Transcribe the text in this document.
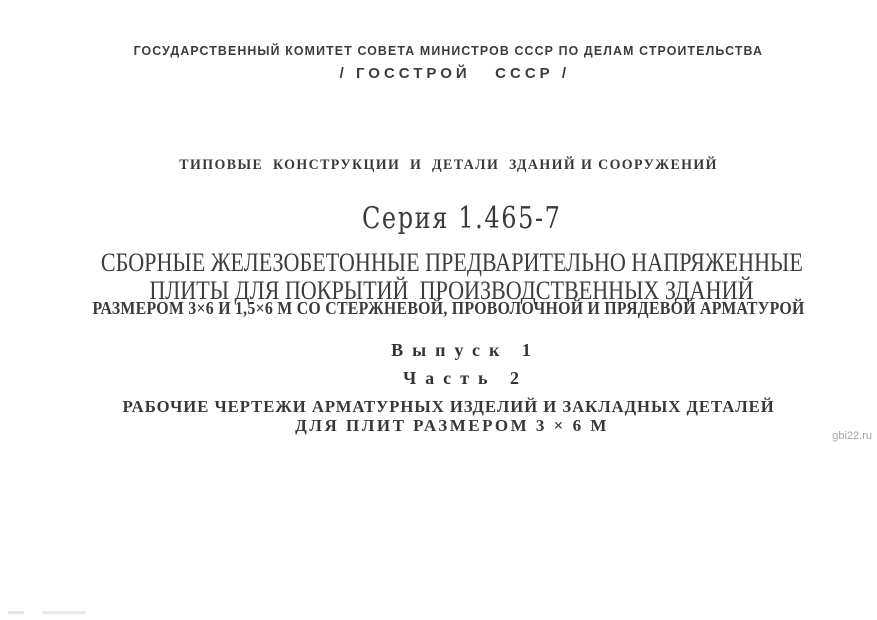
ГОСУДАРСТВЕННЫЙ КОМИТЕТ СОВЕТА МИНИСТРОВ СССР ПО ДЕЛАМ СТРОИТЕЛЬСТВА

/ ГОССТРОЙ   СССР /

ТИПОВЫЕ  КОНСТРУКЦИИ  И  ДЕТАЛИ  ЗДАНИЙ И СООРУЖЕНИЙ

Серия 1.465-7

СБОРНЫЕ ЖЕЛЕЗОБЕТОННЫЕ ПРЕДВАРИТЕЛЬНО НАПРЯЖЕННЫЕ

ПЛИТЫ ДЛЯ ПОКРЫТИЙ  ПРОИЗВОДСТВЕННЫХ ЗДАНИЙ

РАЗМЕРОМ 3×6 И 1,5×6 М СО СТЕРЖНЕВОЙ, ПРОВОЛОЧНОЙ И ПРЯДЕВОЙ АРМАТУРОЙ

Выпуск 1

Часть 2

РАБОЧИЕ ЧЕРТЕЖИ АРМАТУРНЫХ ИЗДЕЛИЙ И ЗАКЛАДНЫХ ДЕТАЛЕЙ

ДЛЯ ПЛИТ РАЗМЕРОМ 3 × 6 М

gbi22.ru
